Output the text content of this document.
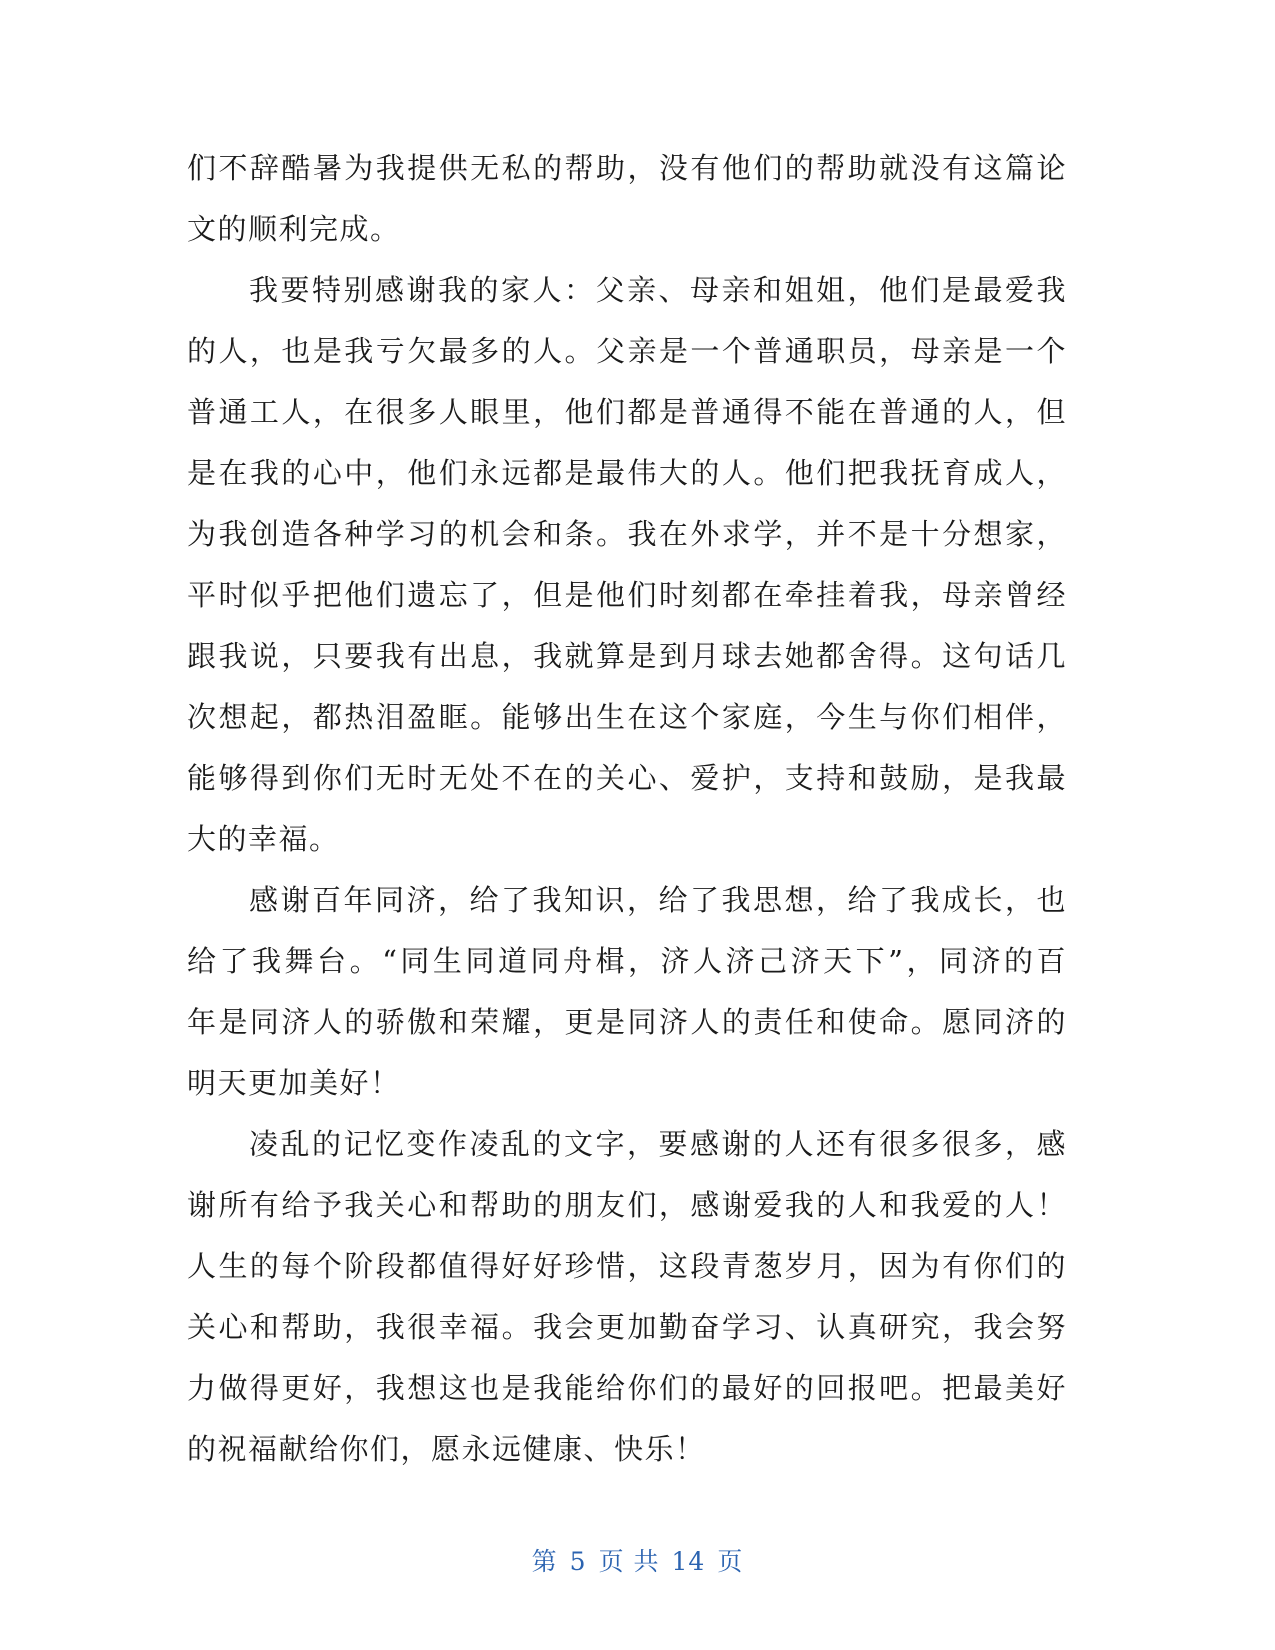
们不辞酷暑为我提供无私的帮助，没有他们的帮助就没有这篇论
文的顺利完成。
我要特别感谢我的家人：父亲、母亲和姐姐，他们是最爱我
的人，也是我亏欠最多的人。父亲是一个普通职员，母亲是一个
普通工人，在很多人眼里，他们都是普通得不能在普通的人，但
是在我的心中，他们永远都是最伟大的人。他们把我抚育成人，
为我创造各种学习的机会和条。我在外求学，并不是十分想家，
平时似乎把他们遗忘了，但是他们时刻都在牵挂着我，母亲曾经
跟我说，只要我有出息，我就算是到月球去她都舍得。这句话几
次想起，都热泪盈眶。能够出生在这个家庭，今生与你们相伴，
能够得到你们无时无处不在的关心、爱护，支持和鼓励，是我最
大的幸福。
感谢百年同济，给了我知识，给了我思想，给了我成长，也
给了我舞台。“同生同道同舟楫，济人济己济天下”，同济的百
年是同济人的骄傲和荣耀，更是同济人的责任和使命。愿同济的
明天更加美好！
凌乱的记忆变作凌乱的文字，要感谢的人还有很多很多，感
谢所有给予我关心和帮助的朋友们，感谢爱我的人和我爱的人！
人生的每个阶段都值得好好珍惜，这段青葱岁月，因为有你们的
关心和帮助，我很幸福。我会更加勤奋学习、认真研究，我会努
力做得更好，我想这也是我能给你们的最好的回报吧。把最美好
的祝福献给你们，愿永远健康、快乐！
第 5 页 共 14 页
